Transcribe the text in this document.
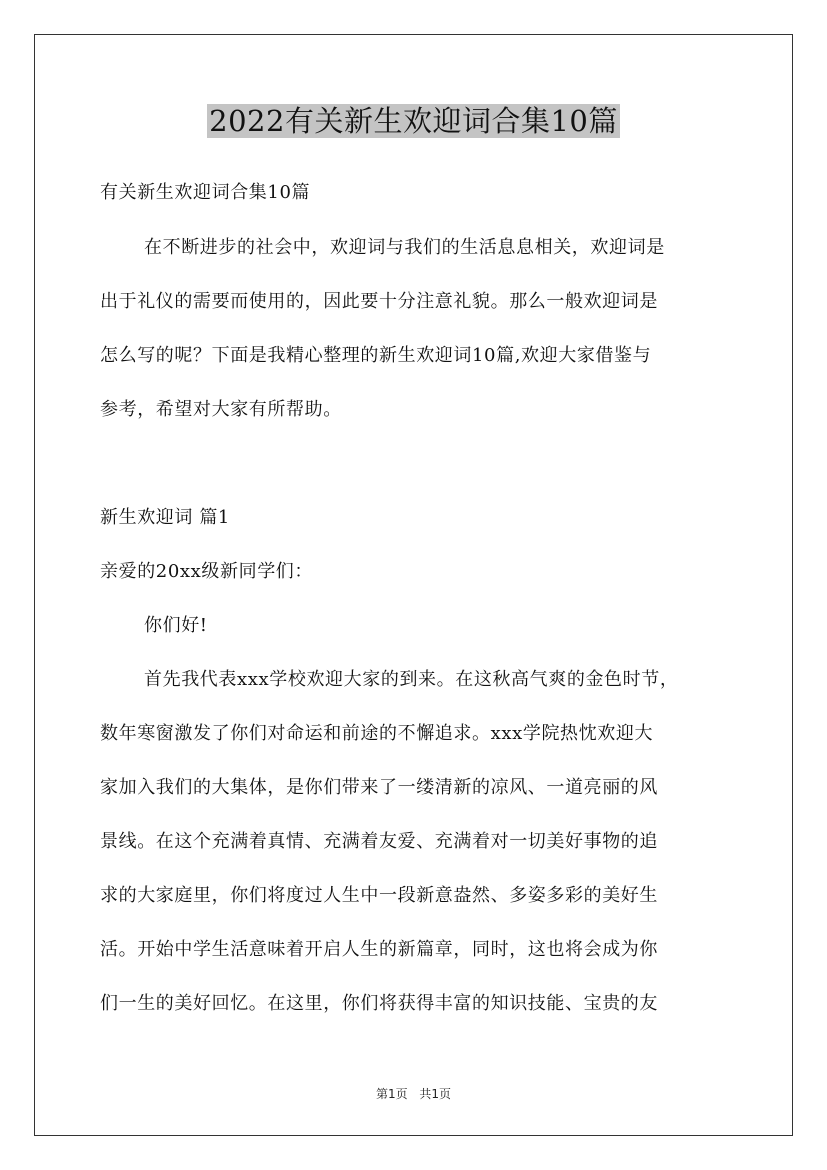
2022有关新生欢迎词合集10篇
有关新生欢迎词合集10篇
在不断进步的社会中，欢迎词与我们的生活息息相关，欢迎词是
出于礼仪的需要而使用的，因此要十分注意礼貌。那么一般欢迎词是
怎么写的呢？下面是我精心整理的新生欢迎词10篇,欢迎大家借鉴与
参考，希望对大家有所帮助。
新生欢迎词 篇1
亲爱的20xx级新同学们：
你们好!
首先我代表xxx学校欢迎大家的到来。在这秋高气爽的金色时节，
数年寒窗激发了你们对命运和前途的不懈追求。xxx学院热忱欢迎大
家加入我们的大集体，是你们带来了一缕清新的凉风、一道亮丽的风
景线。在这个充满着真情、充满着友爱、充满着对一切美好事物的追
求的大家庭里，你们将度过人生中一段新意盎然、多姿多彩的美好生
活。开始中学生活意味着开启人生的新篇章，同时，这也将会成为你
们一生的美好回忆。在这里，你们将获得丰富的知识技能、宝贵的友
第1页 共1页
